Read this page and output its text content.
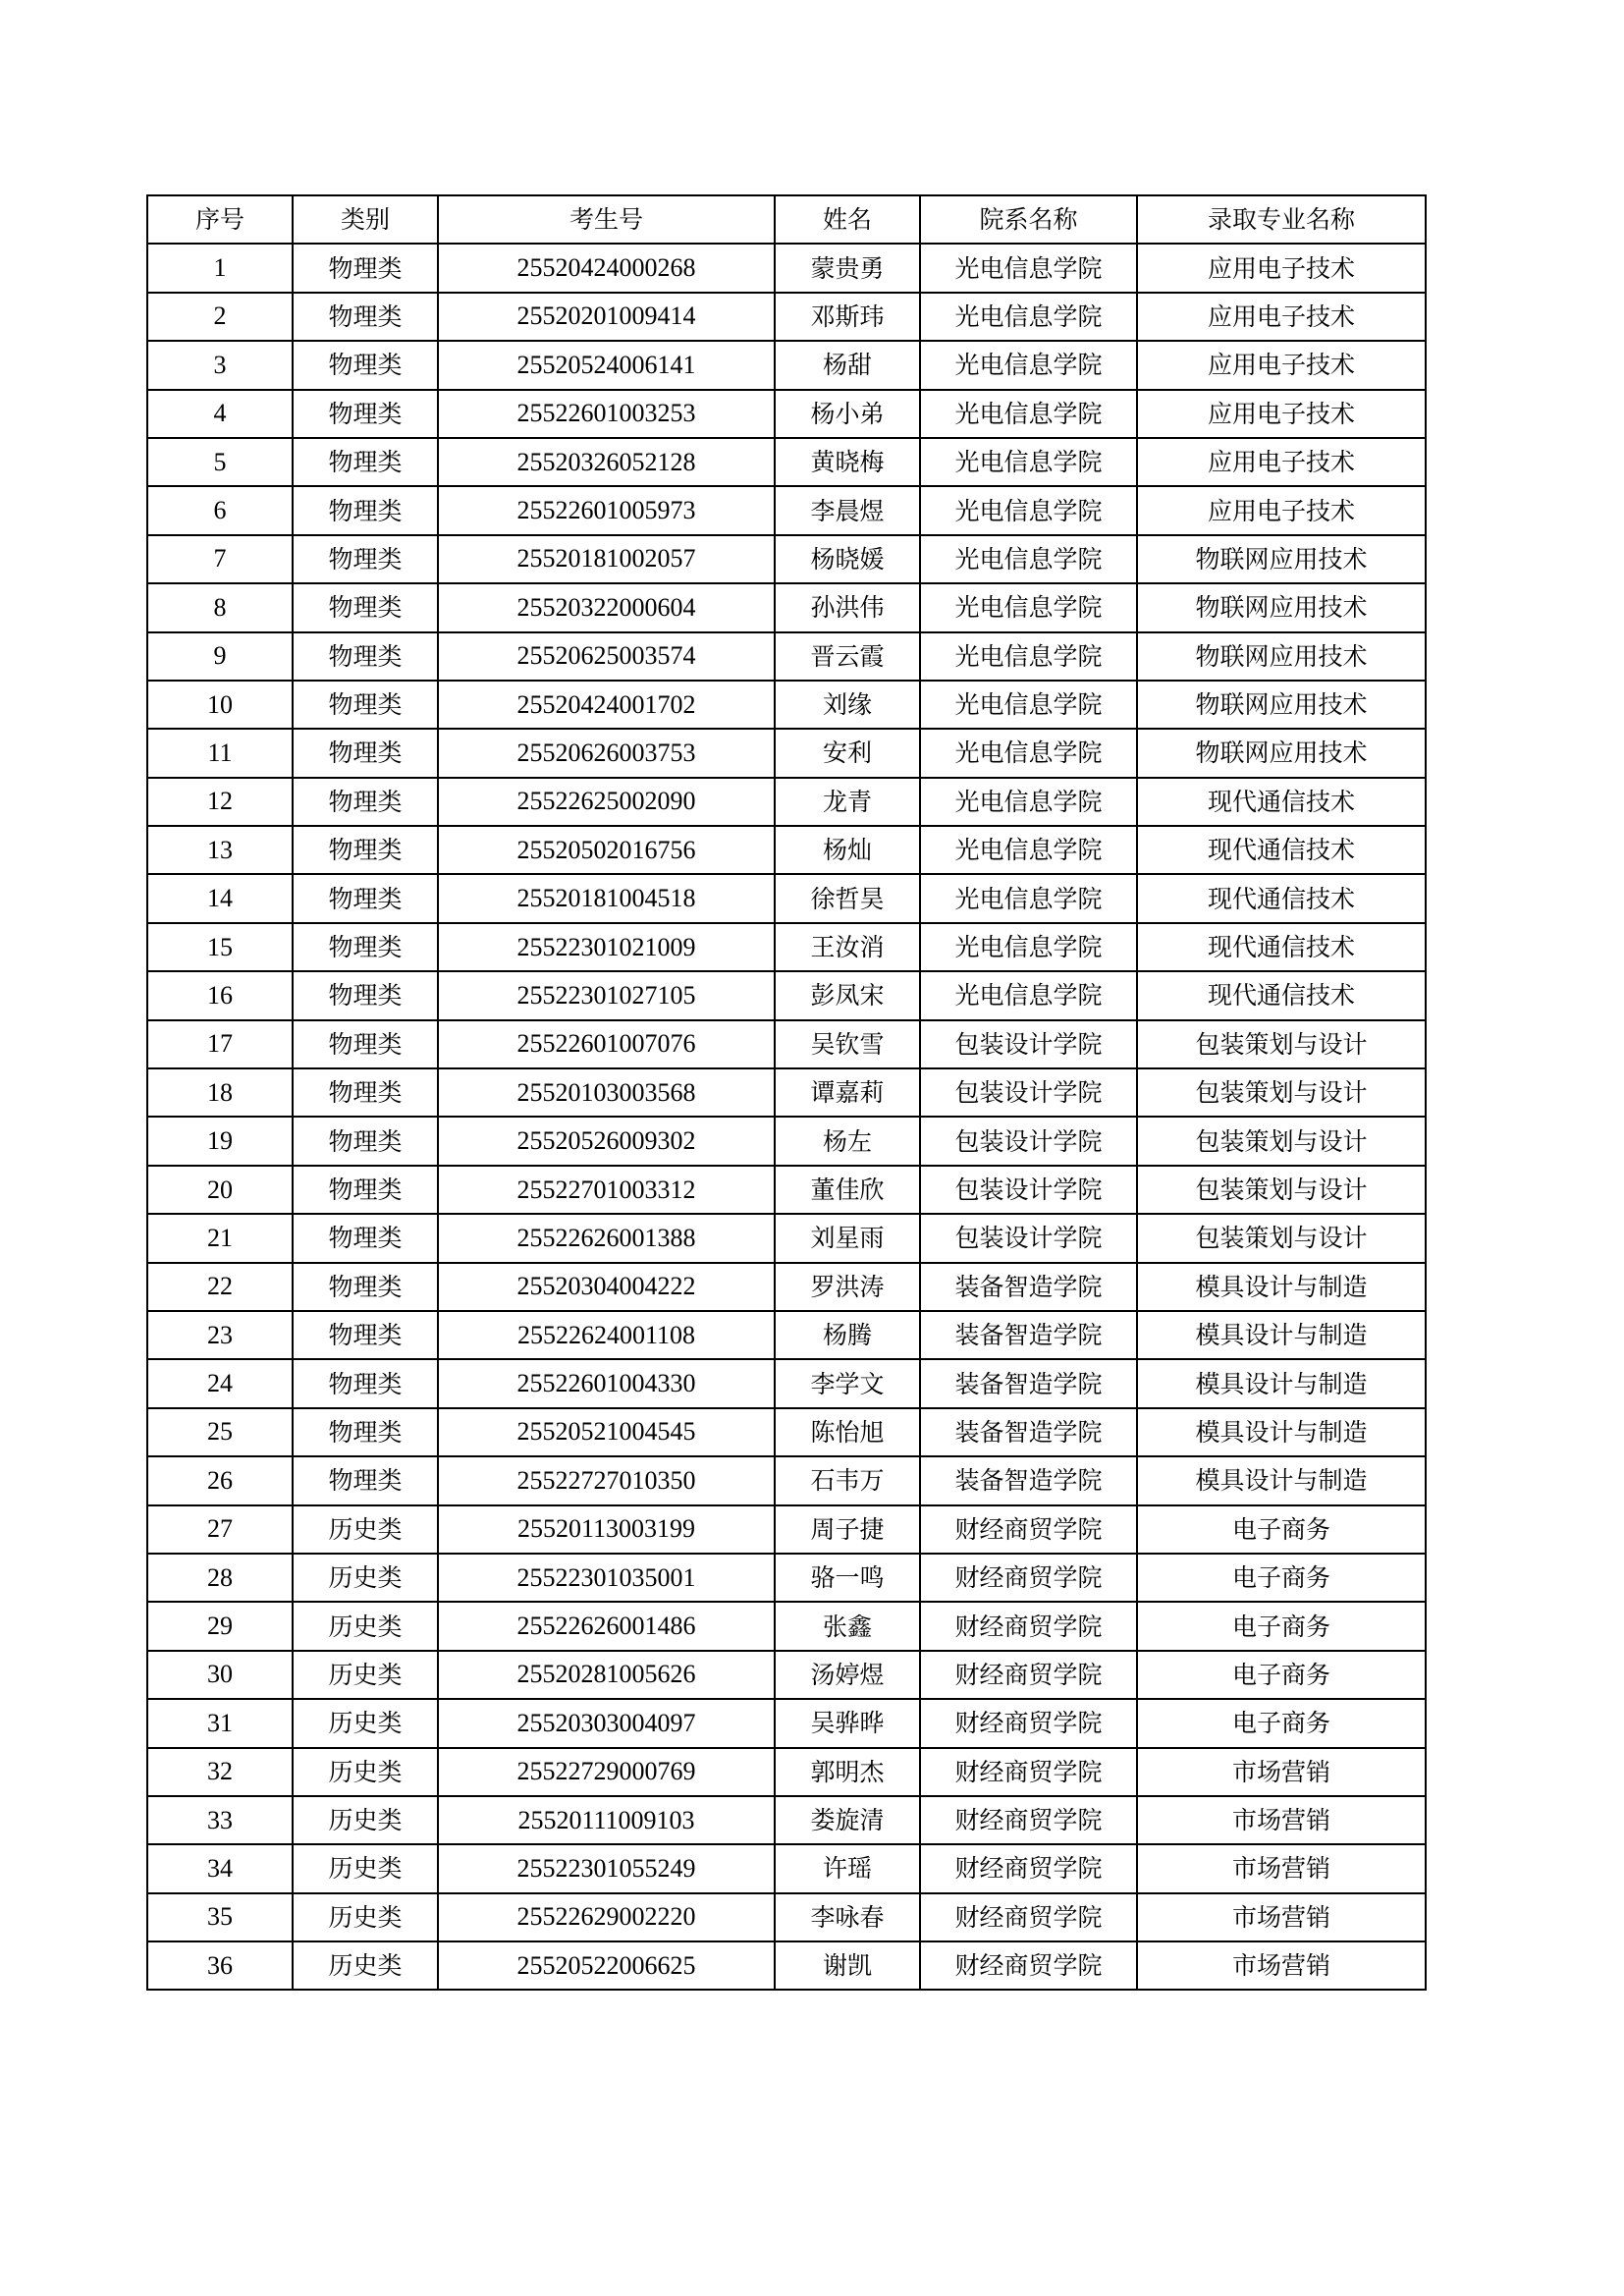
序号	类别	考生号	姓名	院系名称	录取专业名称
1	物理类	25520424000268	蒙贵勇	光电信息学院	应用电子技术
2	物理类	25520201009414	邓斯玮	光电信息学院	应用电子技术
3	物理类	25520524006141	杨甜	光电信息学院	应用电子技术
4	物理类	25522601003253	杨小弟	光电信息学院	应用电子技术
5	物理类	25520326052128	黄晓梅	光电信息学院	应用电子技术
6	物理类	25522601005973	李晨煜	光电信息学院	应用电子技术
7	物理类	25520181002057	杨晓媛	光电信息学院	物联网应用技术
8	物理类	25520322000604	孙洪伟	光电信息学院	物联网应用技术
9	物理类	25520625003574	晋云霞	光电信息学院	物联网应用技术
10	物理类	25520424001702	刘缘	光电信息学院	物联网应用技术
11	物理类	25520626003753	安利	光电信息学院	物联网应用技术
12	物理类	25522625002090	龙青	光电信息学院	现代通信技术
13	物理类	25520502016756	杨灿	光电信息学院	现代通信技术
14	物理类	25520181004518	徐哲昊	光电信息学院	现代通信技术
15	物理类	25522301021009	王汝消	光电信息学院	现代通信技术
16	物理类	25522301027105	彭凤宋	光电信息学院	现代通信技术
17	物理类	25522601007076	吴钦雪	包装设计学院	包装策划与设计
18	物理类	25520103003568	谭嘉莉	包装设计学院	包装策划与设计
19	物理类	25520526009302	杨左	包装设计学院	包装策划与设计
20	物理类	25522701003312	董佳欣	包装设计学院	包装策划与设计
21	物理类	25522626001388	刘星雨	包装设计学院	包装策划与设计
22	物理类	25520304004222	罗洪涛	装备智造学院	模具设计与制造
23	物理类	25522624001108	杨腾	装备智造学院	模具设计与制造
24	物理类	25522601004330	李学文	装备智造学院	模具设计与制造
25	物理类	25520521004545	陈怡旭	装备智造学院	模具设计与制造
26	物理类	25522727010350	石韦万	装备智造学院	模具设计与制造
27	历史类	25520113003199	周子捷	财经商贸学院	电子商务
28	历史类	25522301035001	骆一鸣	财经商贸学院	电子商务
29	历史类	25522626001486	张鑫	财经商贸学院	电子商务
30	历史类	25520281005626	汤婷煜	财经商贸学院	电子商务
31	历史类	25520303004097	吴骅晔	财经商贸学院	电子商务
32	历史类	25522729000769	郭明杰	财经商贸学院	市场营销
33	历史类	25520111009103	娄旋清	财经商贸学院	市场营销
34	历史类	25522301055249	许瑶	财经商贸学院	市场营销
35	历史类	25522629002220	李咏春	财经商贸学院	市场营销
36	历史类	25520522006625	谢凯	财经商贸学院	市场营销
